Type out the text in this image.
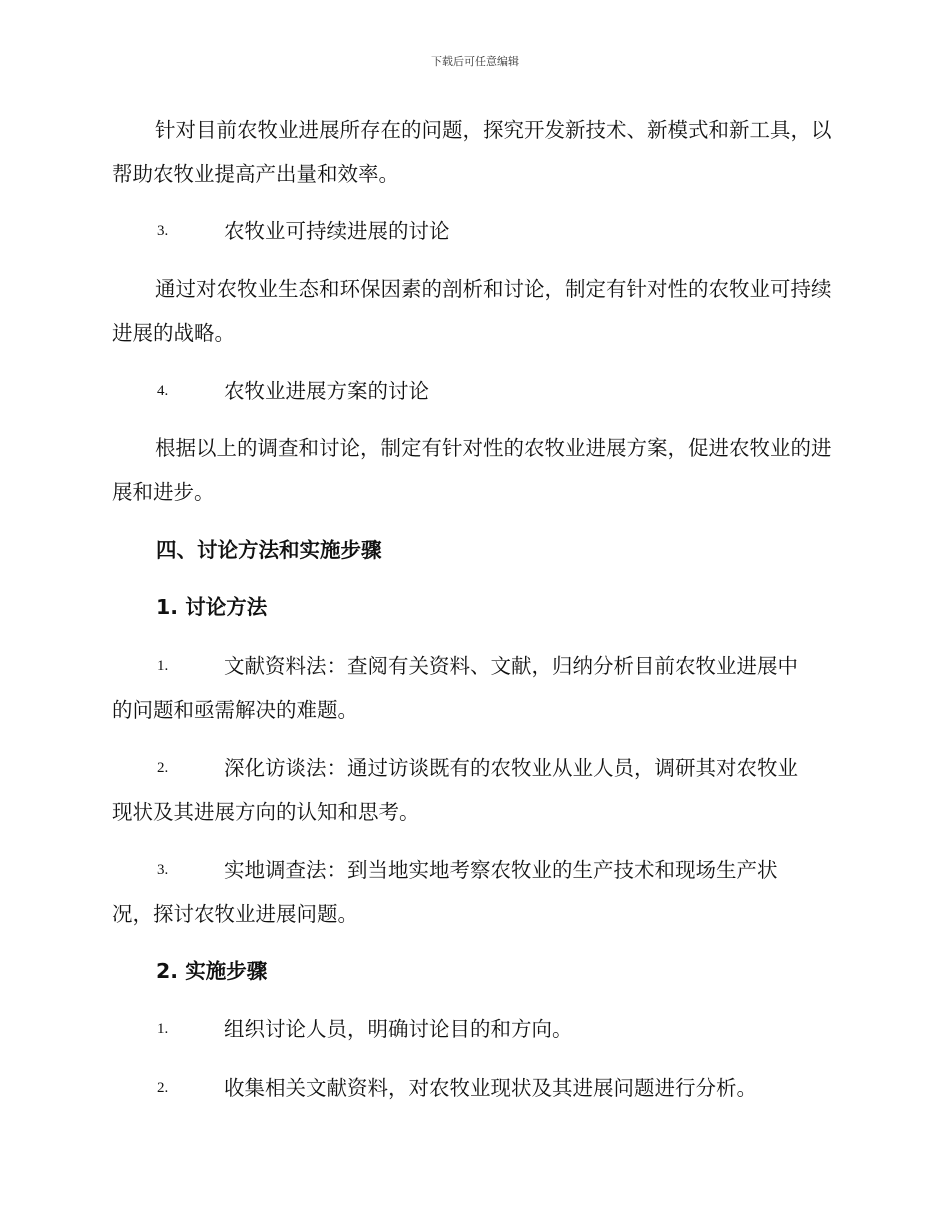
下载后可任意编辑
针对目前农牧业进展所存在的问题，探究开发新技术、新模式和新工具，以帮助农牧业提高产出量和效率。
3.	农牧业可持续进展的讨论
通过对农牧业生态和环保因素的剖析和讨论，制定有针对性的农牧业可持续进展的战略。
4.	农牧业进展方案的讨论
根据以上的调查和讨论，制定有针对性的农牧业进展方案，促进农牧业的进展和进步。
四、讨论方法和实施步骤
1. 讨论方法
1.	文献资料法：查阅有关资料、文献，归纳分析目前农牧业进展中
的问题和亟需解决的难题。
2.	深化访谈法：通过访谈既有的农牧业从业人员，调研其对农牧业
现状及其进展方向的认知和思考。
3.	实地调查法：到当地实地考察农牧业的生产技术和现场生产状
况，探讨农牧业进展问题。
2. 实施步骤
1.	组织讨论人员，明确讨论目的和方向。
2.	收集相关文献资料，对农牧业现状及其进展问题进行分析。
